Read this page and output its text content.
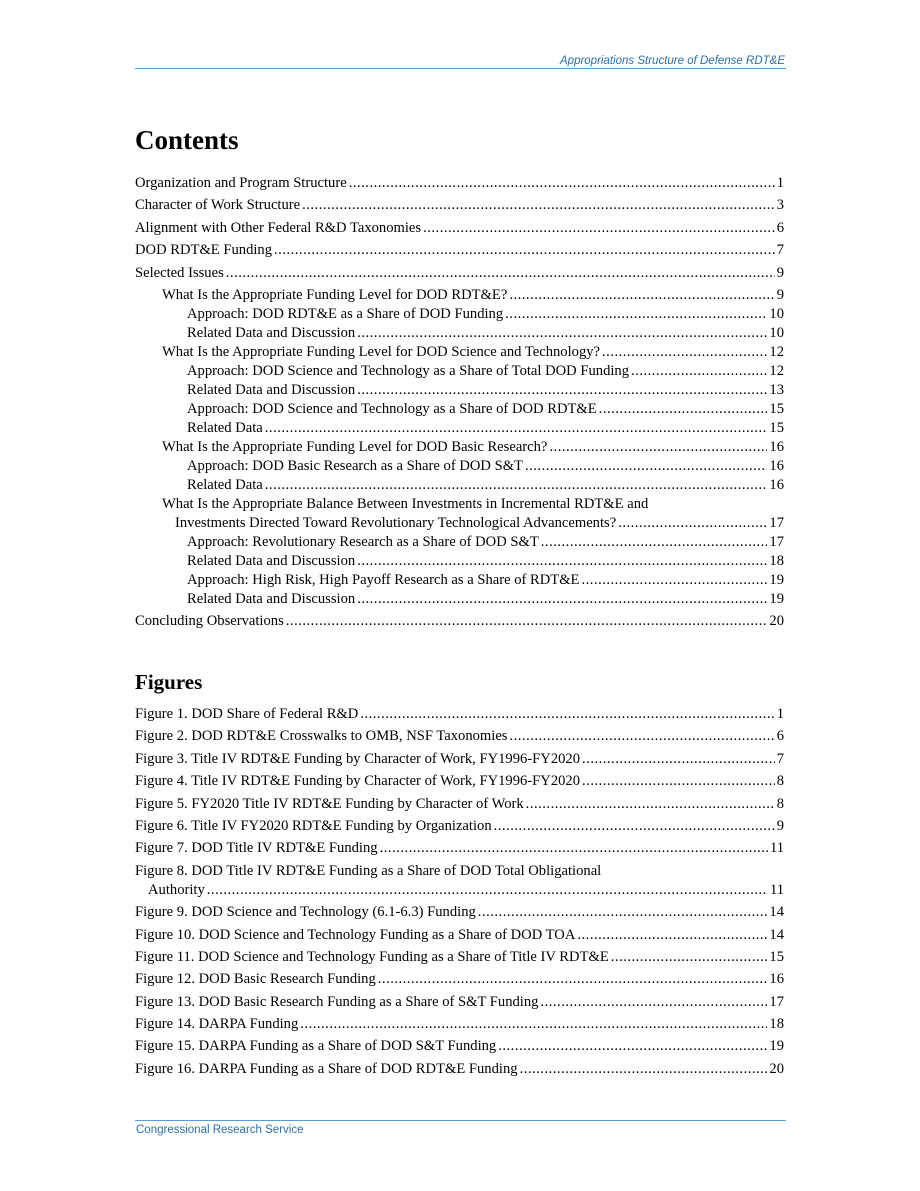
Appropriations Structure of Defense RDT&E
Contents
Organization and Program Structure .....	1
Character of Work Structure .....	3
Alignment with Other Federal R&D Taxonomies .....	6
DOD RDT&E Funding .....	7
Selected Issues .....	9
What Is the Appropriate Funding Level for DOD RDT&E? .....	9
Approach: DOD RDT&E as a Share of DOD Funding .....	10
Related Data and Discussion .....	10
What Is the Appropriate Funding Level for DOD Science and Technology? .....	12
Approach: DOD Science and Technology as a Share of Total DOD Funding .....	12
Related Data and Discussion .....	13
Approach: DOD Science and Technology as a Share of DOD RDT&E .....	15
Related Data .....	15
What Is the Appropriate Funding Level for DOD Basic Research? .....	16
Approach: DOD Basic Research as a Share of DOD S&T .....	16
Related Data .....	16
What Is the Appropriate Balance Between Investments in Incremental RDT&E and
Investments Directed Toward Revolutionary Technological Advancements? .....	17
Approach: Revolutionary Research as a Share of DOD S&T .....	17
Related Data and Discussion .....	18
Approach: High Risk, High Payoff Research as a Share of RDT&E .....	19
Related Data and Discussion .....	19
Concluding Observations .....	20
Figures
Figure 1. DOD Share of Federal R&D .....	1
Figure 2. DOD RDT&E Crosswalks to OMB, NSF Taxonomies .....	6
Figure 3. Title IV RDT&E Funding by Character of Work, FY1996-FY2020 .....	7
Figure 4. Title IV RDT&E Funding by Character of Work, FY1996-FY2020 .....	8
Figure 5. FY2020 Title IV RDT&E Funding by Character of Work .....	8
Figure 6. Title IV FY2020 RDT&E Funding by Organization .....	9
Figure 7. DOD Title IV RDT&E Funding .....	11
Figure 8. DOD Title IV RDT&E Funding as a Share of DOD Total Obligational
Authority .....	11
Figure 9. DOD Science and Technology (6.1-6.3) Funding .....	14
Figure 10. DOD Science and Technology Funding as a Share of DOD TOA .....	14
Figure 11. DOD Science and Technology Funding as a Share of Title IV RDT&E .....	15
Figure 12. DOD Basic Research Funding .....	16
Figure 13. DOD Basic Research Funding as a Share of S&T Funding .....	17
Figure 14. DARPA Funding .....	18
Figure 15. DARPA Funding as a Share of DOD S&T Funding .....	19
Figure 16. DARPA Funding as a Share of DOD RDT&E Funding .....	20
Congressional Research Service
